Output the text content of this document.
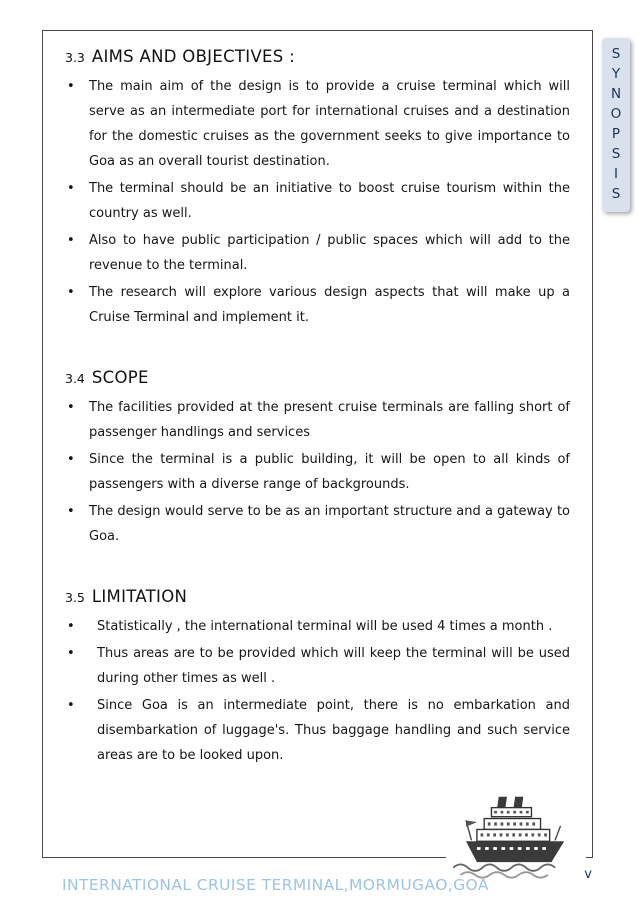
3.3 AIMS AND OBJECTIVES :
•	The main aim of the design is to provide a cruise terminal which will serve as an intermediate port for international cruises and a destination for the domestic cruises as the government seeks to give importance to Goa as an overall tourist destination.

•	The terminal should be an initiative to boost cruise tourism within the country as well.

•	Also to have public participation / public spaces which will add to the revenue to the terminal.

•	The research will explore various design aspects that will make up a Cruise Terminal and implement it.

3.4 SCOPE
•	The facilities provided at the present cruise terminals are falling short of passenger handlings and services

•	Since the terminal is a public building, it will be open to all kinds of passengers with a diverse range of backgrounds.

•	The design would serve to be as an important structure and a gateway to Goa.

3.5 LIMITATION
•	Statistically , the international terminal will be used 4 times a month .

•	Thus areas are to be provided which will keep the terminal will be used during other times as well .

•	Since Goa is an intermediate point, there is no embarkation and disembarkation of luggage's. Thus baggage handling and such service areas are to be looked upon.

S
Y
N
O
P
S
I
S
INTERNATIONAL CRUISE TERMINAL,MORMUGAO,GOA
v
